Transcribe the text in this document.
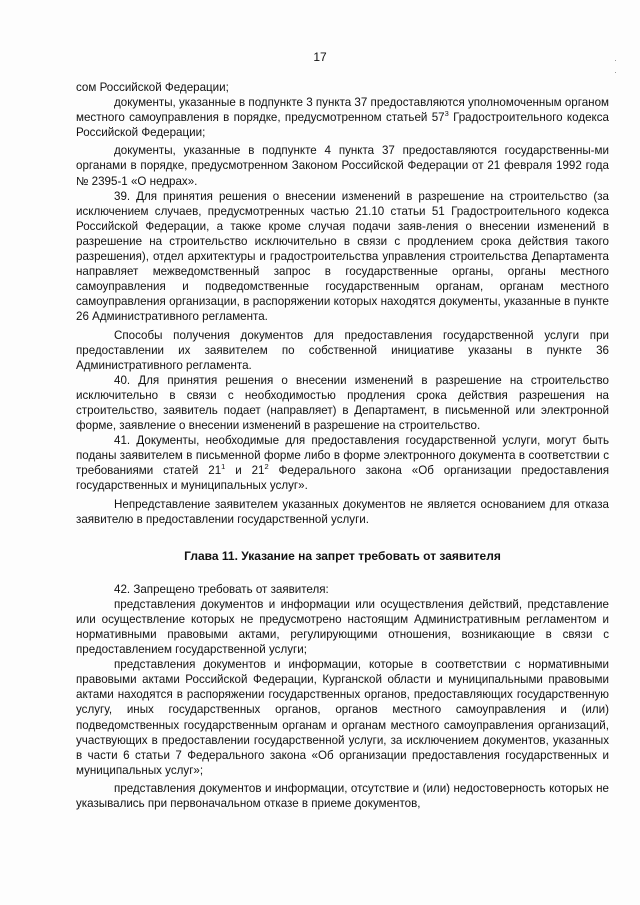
17

сом Российской Федерации;

документы, указанные в подпункте 3 пункта 37 предоставляются уполномоченным органом местного самоуправления в порядке, предусмотренном статьей $57^3$ Градостроительного кодекса Российской Федерации;

документы, указанные в подпункте 4 пункта 37 предоставляются государственны-ми органами в порядке, предусмотренном Законом Российской Федерации от 21 февраля 1992 года № 2395-1 «О недрах».

39. Для принятия решения о внесении изменений в разрешение на строительство (за исключением случаев, предусмотренных частью 21.10 статьи 51 Градостроительного кодекса Российской Федерации, а также кроме случая подачи заяв-ления о внесении изменений в разрешение на строительство исключительно в связи с продлением срока действия такого разрешения), отдел архитектуры и градостроительства управления строительства Департамента направляет межведомственный запрос в государственные органы, органы местного самоуправления и подведомственные государственным органам, органам местного самоуправления организации, в распоряжении которых находятся документы, указанные в пункте 26 Административного регламента.

Способы получения документов для предоставления государственной услуги при предоставлении их заявителем по собственной инициативе указаны в пункте 36 Административного регламента.

40. Для принятия решения о внесении изменений в разрешение на строительство исключительно в связи с необходимостью продления срока действия разрешения на строительство, заявитель подает (направляет) в Департамент, в письменной или электронной форме, заявление о внесении изменений в разрешение на строительство.

41. Документы, необходимые для предоставления государственной услуги, могут быть поданы заявителем в письменной форме либо в форме электронного документа в соответствии с требованиями статей $21^1$ и $21^2$ Федерального закона «Об организации предоставления государственных и муниципальных услуг».

Непредставление заявителем указанных документов не является основанием для отказа заявителю в предоставлении государственной услуги.

Глава 11. Указание на запрет требовать от заявителя

42. Запрещено требовать от заявителя:

представления документов и информации или осуществления действий, представление или осуществление которых не предусмотрено настоящим Административным регламентом и нормативными правовыми актами, регулирующими отношения, возникающие в связи с предоставлением государственной услуги;

представления документов и информации, которые в соответствии с нормативными правовыми актами Российской Федерации, Курганской области и муниципальными правовыми актами находятся в распоряжении государственных органов, предоставляющих государственную услугу, иных государственных органов, органов местного самоуправления и (или) подведомственных государственным органам и органам местного самоуправления организаций, участвующих в предоставлении государственной услуги, за исключением документов, указанных в части 6 статьи 7 Федерального закона «Об организации предоставления государственных и муниципальных услуг»;

представления документов и информации, отсутствие и (или) недостоверность которых не указывались при первоначальном отказе в приеме документов,
